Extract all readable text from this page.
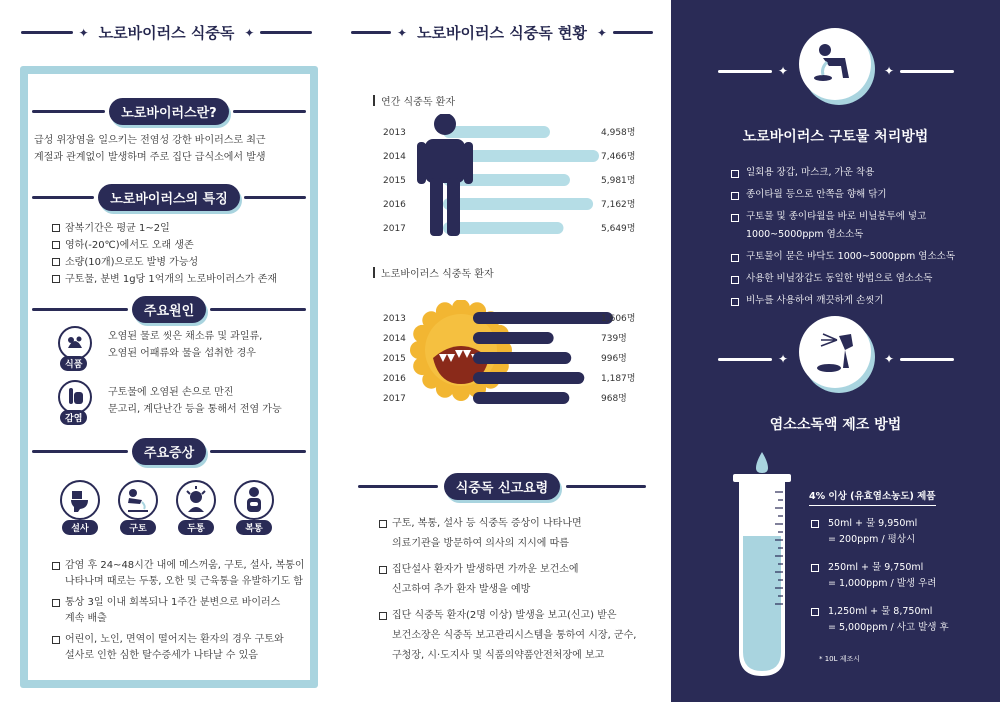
✦ 노로바이러스 식중독 ✦
노로바이러스란?
급성 위장염을 일으키는 전염성 강한 바이러스로 최근
계절과 관계없이 발생하며 주로 집단 급식소에서 발생
노로바이러스의 특징
잠복기간은 평균 1~2일
영하(-20℃)에서도 오래 생존
소량(10개)으로도 발병 가능성
구토물, 분변 1g당 1억개의 노로바이러스가 존재
주요원인
식품
오염된 물로 씻은 채소류 및 과일류,
오염된 어패류와 물을 섭취한 경우
감염
구토물에 오염된 손으로 만진
문고리, 계단난간 등을 통해서 전염 가능
주요증상
설사	구토	두통	복통
감염 후 24~48시간 내에 메스꺼움, 구토, 설사, 복통이
나타나며 때로는 두통, 오한 및 근육통을 유발하기도 함
통상 3일 이내 회복되나 1주간 분변으로 바이러스
계속 배출
어린이, 노인, 면역이 떨어지는 환자의 경우 구토와
설사로 인한 심한 탈수증세가 나타날 수 있음
✦ 노로바이러스 식중독 현황 ✦
연간 식중독 환자
2013	4,958명
2014	7,466명
2015	5,981명
2016	7,162명
2017	5,649명
노로바이러스 식중독 환자
2013	1,606명
2014	739명
2015	996명
2016	1,187명
2017	968명
식중독 신고요령
구토, 복통, 설사 등 식중독 증상이 나타나면
의료기관을 방문하여 의사의 지시에 따름
집단설사 환자가 발생하면 가까운 보건소에
신고하여 추가 환자 발생을 예방
집단 식중독 환자(2명 이상) 발생을 보고(신고) 받은
보건소장은 식중독 보고관리시스템을 통하여 시장, 군수,
구청장, 시·도지사 및 식품의약품안전처장에 보고
✦	✦
노로바이러스 구토물 처리방법
일회용 장갑, 마스크, 가운 착용
종이타월 등으로 안쪽을 향해 닦기
구토물 및 종이타월을 바로 비닐봉투에 넣고
1000~5000ppm 염소소독
구토물이 묻은 바닥도 1000~5000ppm 염소소독
사용한 비닐장갑도 동일한 방법으로 염소소독
비누를 사용하여 깨끗하게 손씻기
✦	✦
염소소독액 제조 방법
4% 이상 (유효염소농도) 제품
50ml + 물 9,950ml
= 200ppm / 평상시
250ml + 물 9,750ml
= 1,000ppm / 발생 우려
1,250ml + 물 8,750ml
= 5,000ppm / 사고 발생 후
* 10L 제조시
